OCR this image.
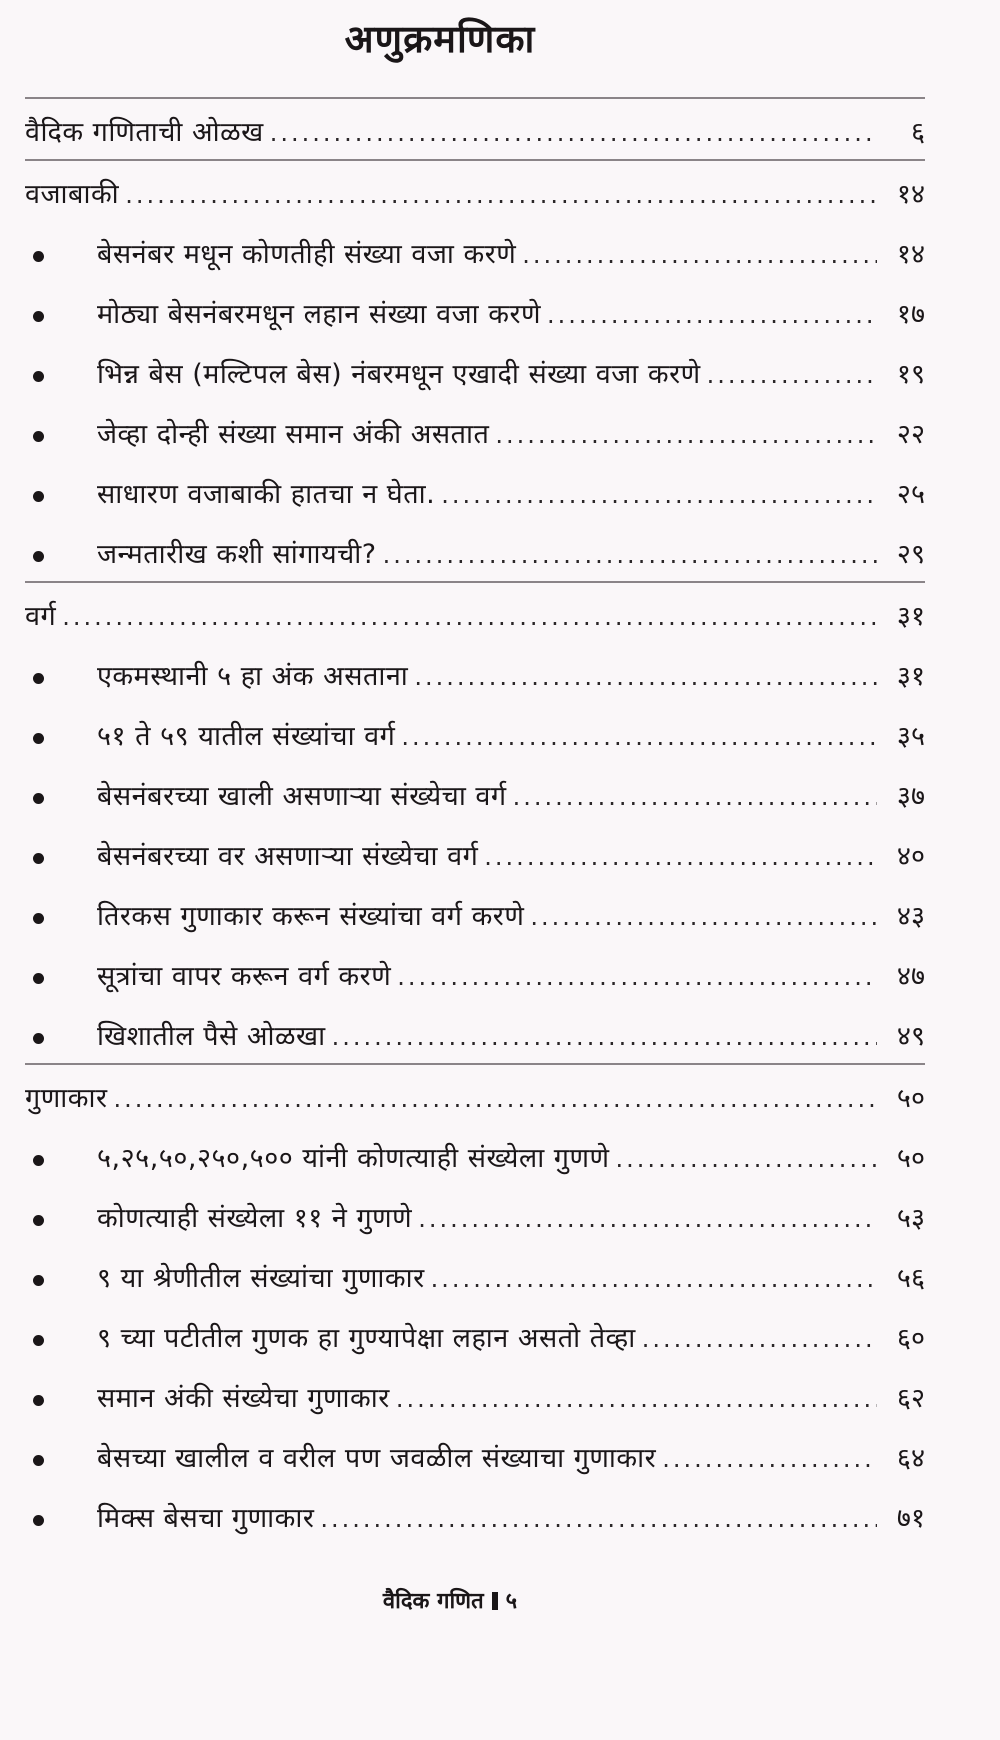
अणुक्रमणिका
वैदिक गणिताची ओळख .....	६
वजाबाकी .....	१४
बेसनंबर मधून कोणतीही संख्या वजा करणे .....	१४
मोठ्या बेसनंबरमधून लहान संख्या वजा करणे .....	१७
भिन्न बेस (मल्टिपल बेस) नंबरमधून एखादी संख्या वजा करणे .....	१९
जेव्हा दोन्ही संख्या समान अंकी असतात .....	२२
साधारण वजाबाकी हातचा न घेता. .....	२५
जन्मतारीख कशी सांगायची? .....	२९
वर्ग .....	३१
एकमस्थानी ५ हा अंक असताना .....	३१
५१ ते ५९ यातील संख्यांचा वर्ग .....	३५
बेसनंबरच्या खाली असणाऱ्या संख्येचा वर्ग .....	३७
बेसनंबरच्या वर असणाऱ्या संख्येचा वर्ग .....	४०
तिरकस गुणाकार करून संख्यांचा वर्ग करणे .....	४३
सूत्रांचा वापर करून वर्ग करणे .....	४७
खिशातील पैसे ओळखा .....	४९
गुणाकार .....	५०
५,२५,५०,२५०,५०० यांनी कोणत्याही संख्येला गुणणे .....	५०
कोणत्याही संख्येला ११ ने गुणणे .....	५३
९ या श्रेणीतील संख्यांचा गुणाकार .....	५६
९ च्या पटीतील गुणक हा गुण्यापेक्षा लहान असतो तेव्हा .....	६०
समान अंकी संख्येचा गुणाकार .....	६२
बेसच्या खालील व वरील पण जवळील संख्याचा गुणाकार .....	६४
मिक्स बेसचा गुणाकार .....	७१
वैदिक गणित ५
